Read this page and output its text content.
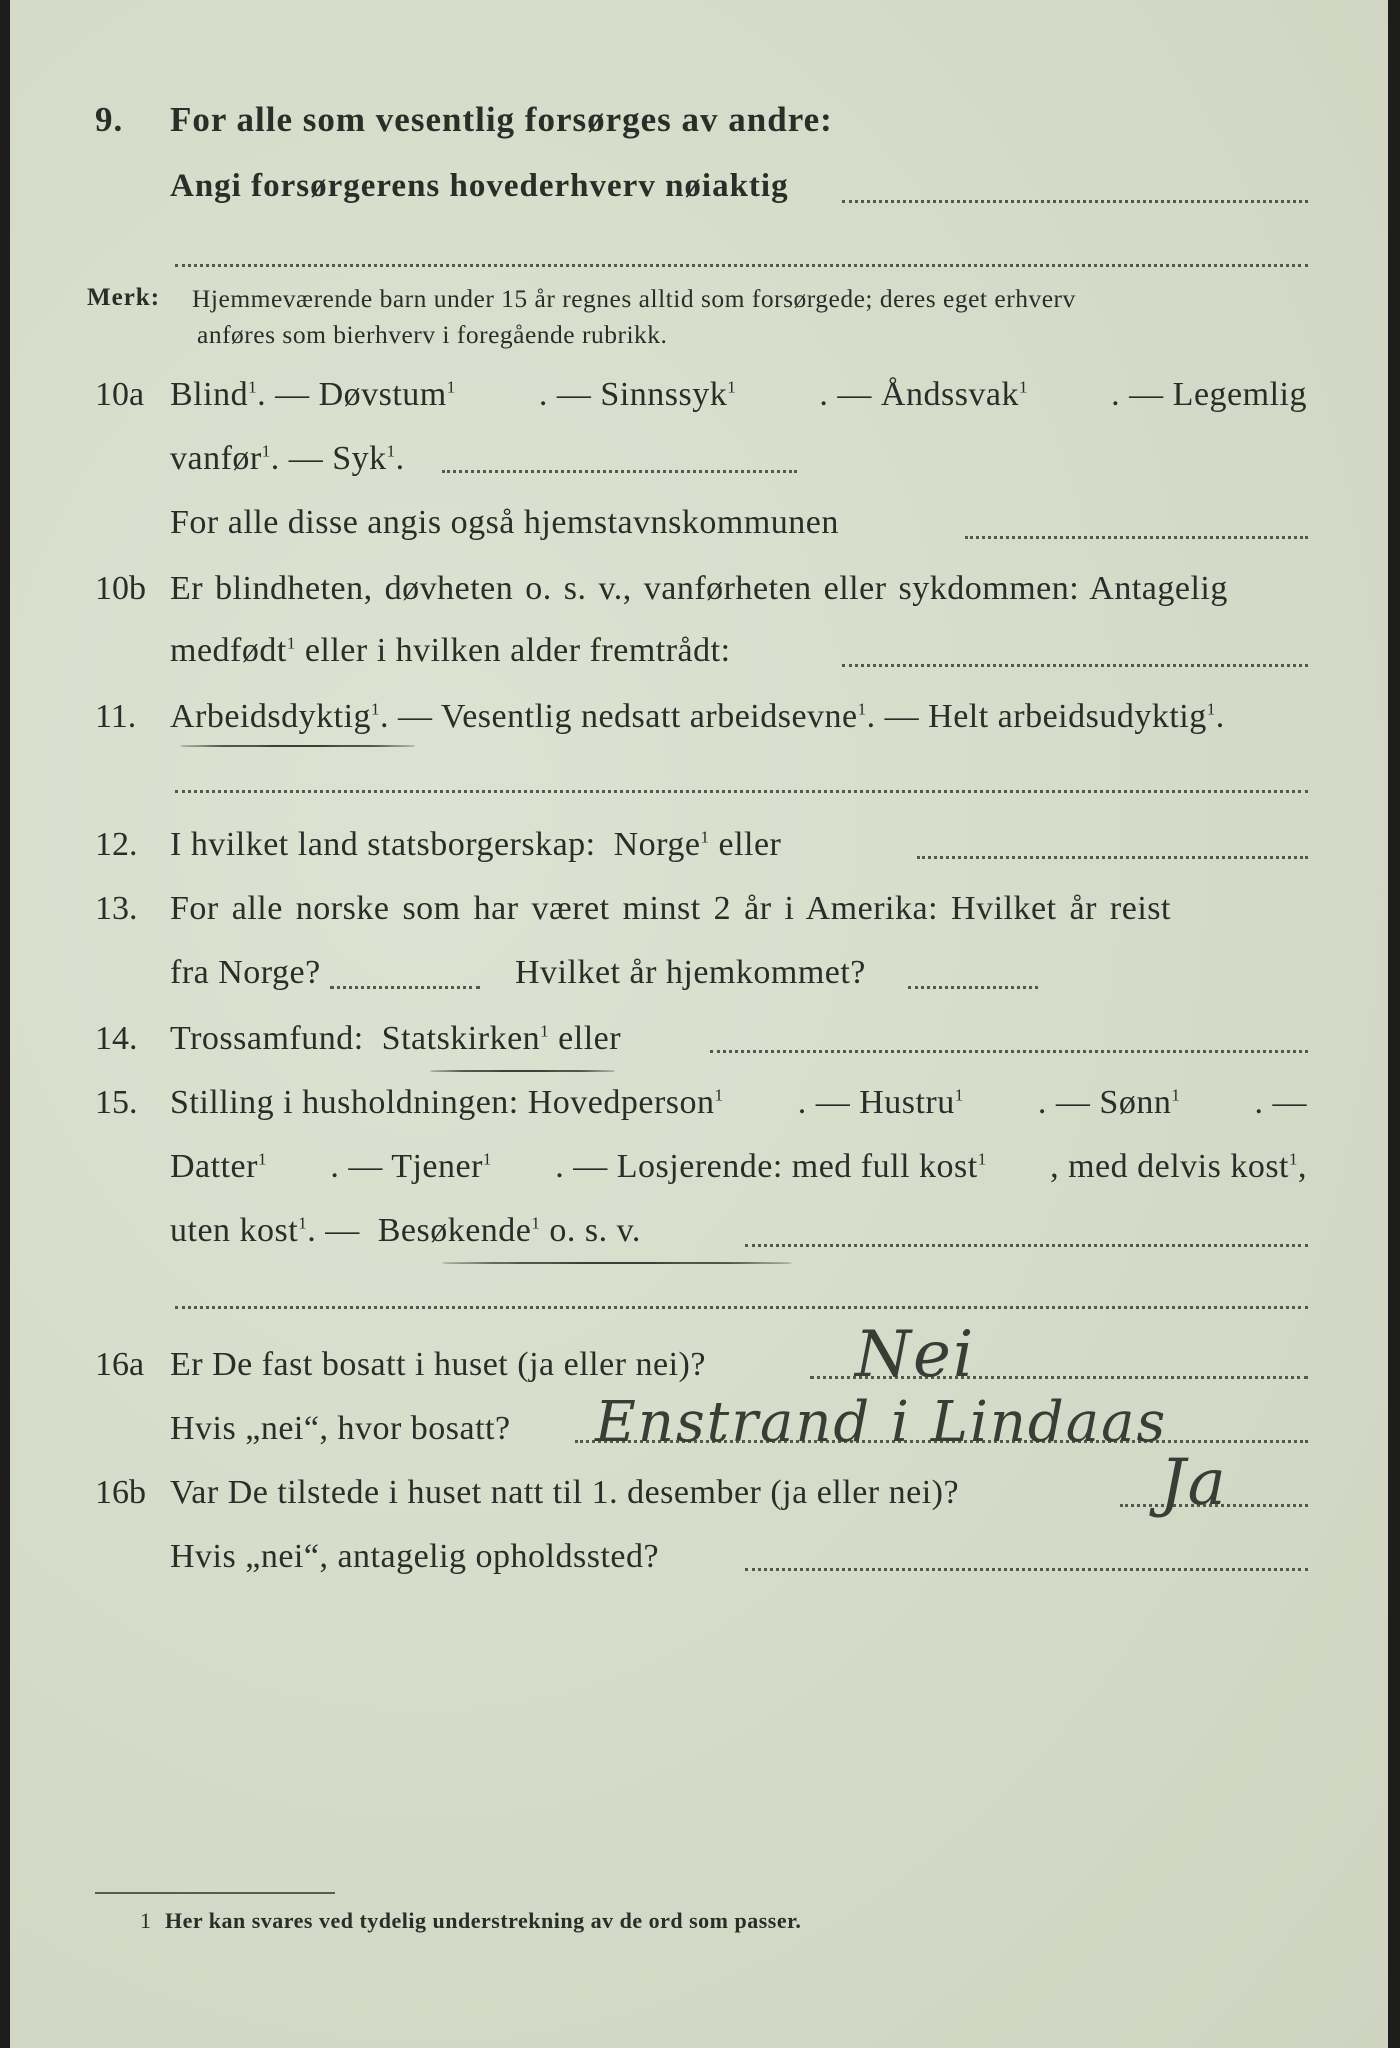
9. For alle som vesentlig forsørges av andre:
Angi forsørgerens hovederhverv nøiaktig
Merk: Hjemmeværende barn under 15 år regnes alltid som forsørgede; deres eget erhverv
anføres som bierhverv i foregående rubrikk.
10a Blind$^1$. — Døvstum$^1$ . — Sinnssyk$^1$ . — Åndssvak$^1$ . — Legemlig
vanfør$^1$. — Syk$^1$.
For alle disse angis også hjemstavnskommunen
10b Er blindheten, døvheten o. s. v., vanførheten eller sykdommen: Antagelig
medfødt$^1$ eller i hvilken alder fremtrådt:
11. Arbeidsdyktig$^1$. — Vesentlig nedsatt arbeidsevne$^1$. — Helt arbeidsudyktig$^1$.
12. I hvilket land statsborgerskap: Norge$^1$ eller
13. For alle norske som har været minst 2 år i Amerika: Hvilket år reist
fra Norge?	Hvilket år hjemkommet?
14. Trossamfund: Statskirken$^1$ eller
15. Stilling i husholdningen: Hovedperson$^1$ . — Hustru$^1$ . — Sønn$^1$ . —
Datter$^1$ . — Tjener$^1$ . — Losjerende: med full kost$^1$ , med delvis kost$^1$,
uten kost$^1$. — Besøkende$^1$ o. s. v.
16a Er De fast bosatt i huset (ja eller nei)? Nei
Hvis „nei“, hvor bosatt? Enstrand i Lindaas
16b Var De tilstede i huset natt til 1. desember (ja eller nei)?	Ja
Hvis „nei“, antagelig opholdssted?
1 Her kan svares ved tydelig understrekning av de ord som passer.
